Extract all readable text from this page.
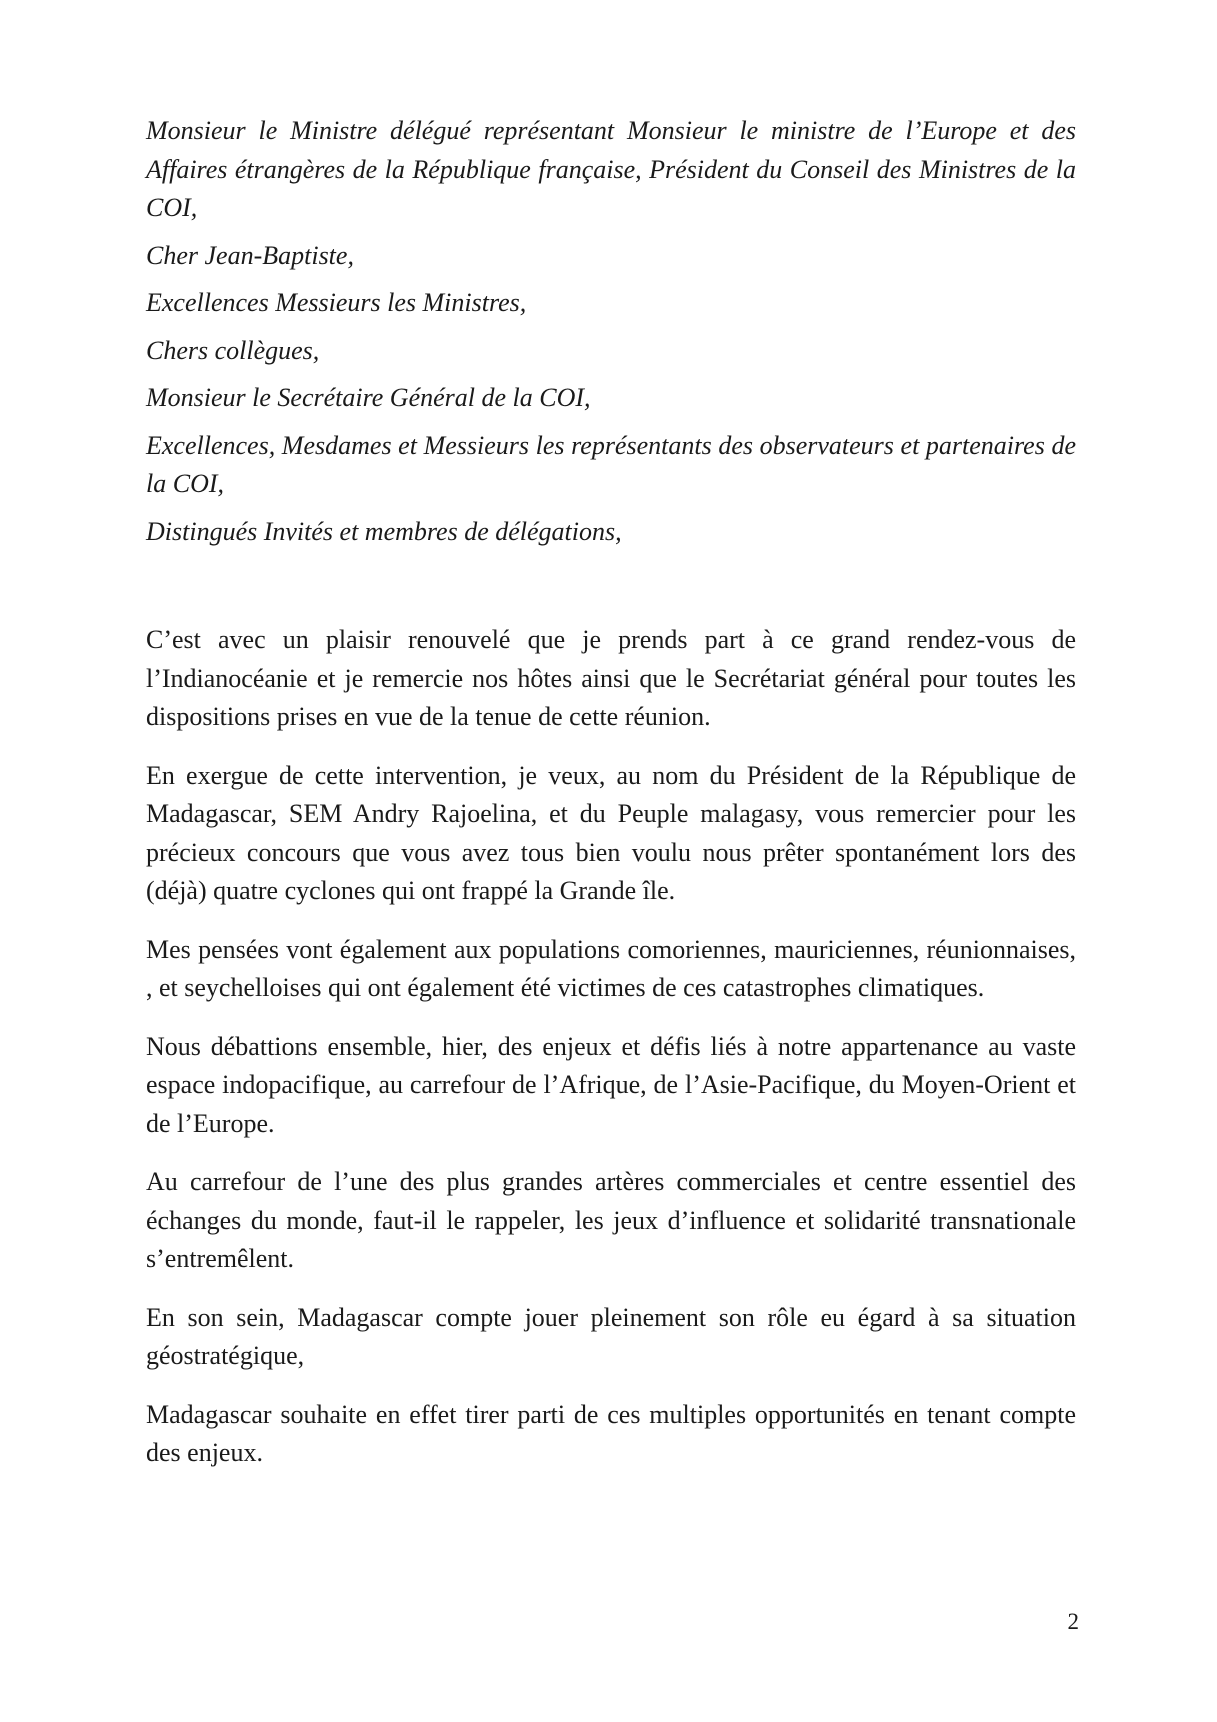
Monsieur le Ministre délégué représentant Monsieur le ministre de l’Europe et des Affaires étrangères de la République française, Président du Conseil des Ministres de la COI,

Cher Jean-Baptiste,

Excellences Messieurs les Ministres,

Chers collègues,

Monsieur le Secrétaire Général de la COI,

Excellences, Mesdames et Messieurs les représentants des observateurs et partenaires de la COI,

Distingués Invités et membres de délégations,

C’est avec un plaisir renouvelé que je prends part à ce grand rendez-vous de l’Indianocéanie et je remercie nos hôtes ainsi que le Secrétariat général pour toutes les dispositions prises en vue de la tenue de cette réunion.

En exergue de cette intervention, je veux, au nom du Président de la République de Madagascar, SEM Andry Rajoelina, et du Peuple malagasy, vous remercier pour les précieux concours que vous avez tous bien voulu nous prêter spontanément lors des (déjà) quatre cyclones qui ont frappé la Grande île.

Mes pensées vont également aux populations comoriennes, mauriciennes, réunionnaises, , et seychelloises qui ont également été victimes de ces catastrophes climatiques.

Nous débattions ensemble, hier, des enjeux et défis liés à notre appartenance au vaste espace indopacifique, au carrefour de l’Afrique, de l’Asie-Pacifique, du Moyen-Orient et de l’Europe.

Au carrefour de l’une des plus grandes artères commerciales et centre essentiel des échanges du monde, faut-il le rappeler, les jeux d’influence et solidarité transnationale s’entremêlent.

En son sein, Madagascar compte jouer pleinement son rôle eu égard à sa situation géostratégique,

Madagascar souhaite en effet tirer parti de ces multiples opportunités en tenant compte des enjeux.

2
